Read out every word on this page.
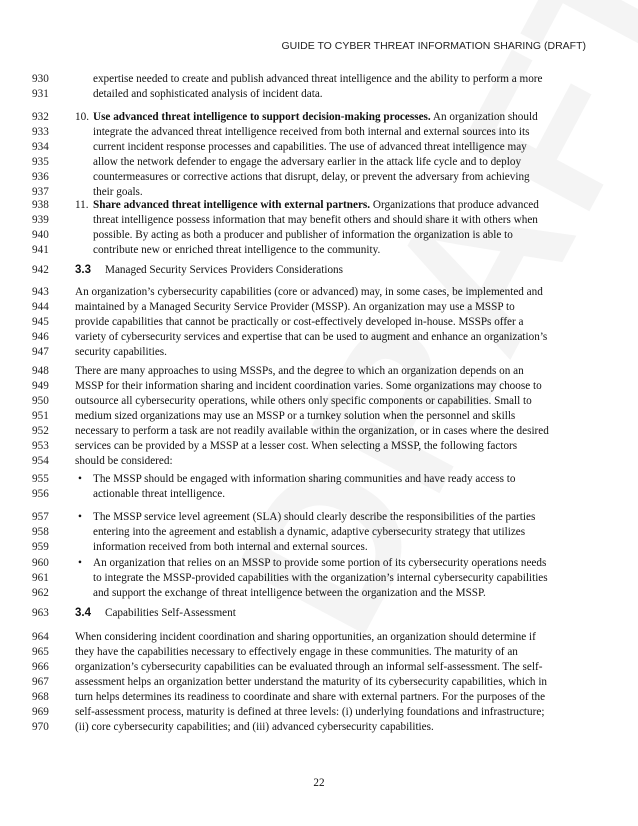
GUIDE TO CYBER THREAT INFORMATION SHARING (DRAFT)
930	expertise needed to create and publish advanced threat intelligence and the ability to perform a more
931	detailed and sophisticated analysis of incident data.
932	10. Use advanced threat intelligence to support decision-making processes. An organization should
933	integrate the advanced threat intelligence received from both internal and external sources into its
934	current incident response processes and capabilities. The use of advanced threat intelligence may
935	allow the network defender to engage the adversary earlier in the attack life cycle and to deploy
936	countermeasures or corrective actions that disrupt, delay, or prevent the adversary from achieving
937	their goals.
938	11. Share advanced threat intelligence with external partners. Organizations that produce advanced
939	threat intelligence possess information that may benefit others and should share it with others when
940	possible. By acting as both a producer and publisher of information the organization is able to
941	contribute new or enriched threat intelligence to the community.
942	3.3 Managed Security Services Providers Considerations
943	An organization’s cybersecurity capabilities (core or advanced) may, in some cases, be implemented and
944	maintained by a Managed Security Service Provider (MSSP). An organization may use a MSSP to
945	provide capabilities that cannot be practically or cost-effectively developed in-house. MSSPs offer a
946	variety of cybersecurity services and expertise that can be used to augment and enhance an organization’s
947	security capabilities.
948	There are many approaches to using MSSPs, and the degree to which an organization depends on an
949	MSSP for their information sharing and incident coordination varies. Some organizations may choose to
950	outsource all cybersecurity operations, while others only specific components or capabilities. Small to
951	medium sized organizations may use an MSSP or a turnkey solution when the personnel and skills
952	necessary to perform a task are not readily available within the organization, or in cases where the desired
953	services can be provided by a MSSP at a lesser cost. When selecting a MSSP, the following factors
954	should be considered:
955	• The MSSP should be engaged with information sharing communities and have ready access to
956	actionable threat intelligence.
957	• The MSSP service level agreement (SLA) should clearly describe the responsibilities of the parties
958	entering into the agreement and establish a dynamic, adaptive cybersecurity strategy that utilizes
959	information received from both internal and external sources.
960	• An organization that relies on an MSSP to provide some portion of its cybersecurity operations needs
961	to integrate the MSSP-provided capabilities with the organization’s internal cybersecurity capabilities
962	and support the exchange of threat intelligence between the organization and the MSSP.
963	3.4 Capabilities Self-Assessment
964	When considering incident coordination and sharing opportunities, an organization should determine if
965	they have the capabilities necessary to effectively engage in these communities. The maturity of an
966	organization’s cybersecurity capabilities can be evaluated through an informal self-assessment. The self-
967	assessment helps an organization better understand the maturity of its cybersecurity capabilities, which in
968	turn helps determines its readiness to coordinate and share with external partners. For the purposes of the
969	self-assessment process, maturity is defined at three levels: (i) underlying foundations and infrastructure;
970	(ii) core cybersecurity capabilities; and (iii) advanced cybersecurity capabilities.
22
